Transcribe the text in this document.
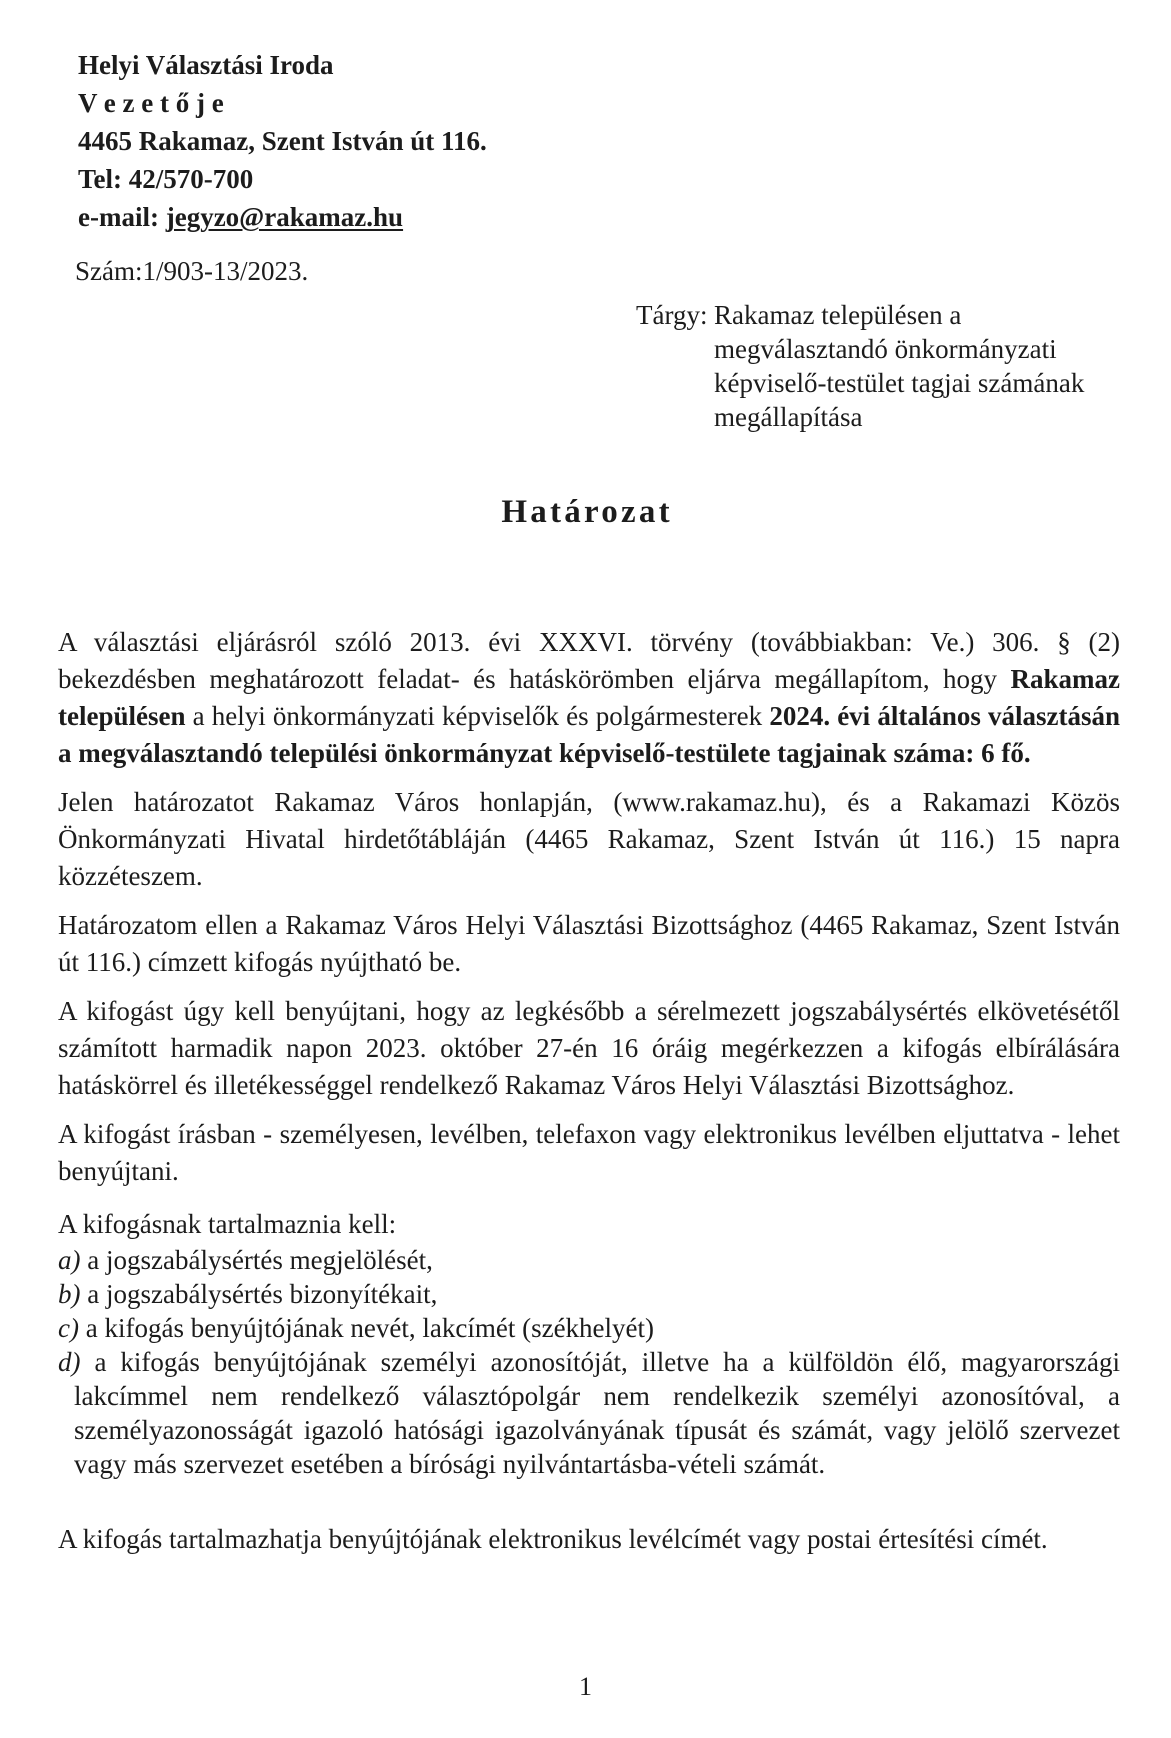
Helyi Választási Iroda
V e z e t ő j e
4465 Rakamaz, Szent István út 116.
Tel: 42/570-700
e-mail: jegyzo@rakamaz.hu
Szám:1/903-13/2023.
Tárgy:Rakamaz településen a
megválasztandó önkormányzati
képviselő-testület tagjai számának
megállapítása
H a t á r o z a t

A választási eljárásról szóló 2013. évi XXXVI. törvény (továbbiakban: Ve.) 306. § (2) bekezdésben meghatározott feladat- és hatáskörömben eljárva megállapítom, hogy Rakamaz településen a helyi önkormányzati képviselők és polgármesterek 2024. évi általános választásán a megválasztandó települési önkormányzat képviselő-testülete tagjainak száma: 6 fő.

Jelen határozatot Rakamaz Város honlapján, (www.rakamaz.hu), és a Rakamazi Közös Önkormányzati Hivatal hirdetőtábláján (4465 Rakamaz, Szent István út 116.) 15 napra közzéteszem.

Határozatom ellen a Rakamaz Város Helyi Választási Bizottsághoz (4465 Rakamaz, Szent István út 116.) címzett kifogás nyújtható be.

A kifogást úgy kell benyújtani, hogy az legkésőbb a sérelmezett jogszabálysértés elkövetésétől számított harmadik napon 2023. október 27-én 16 óráig megérkezzen a kifogás elbírálására hatáskörrel és illetékességgel rendelkező Rakamaz Város Helyi Választási Bizottsághoz.

A kifogást írásban - személyesen, levélben, telefaxon vagy elektronikus levélben eljuttatva - lehet benyújtani.

A kifogásnak tartalmaznia kell:

a) a jogszabálysértés megjelölését,

b) a jogszabálysértés bizonyítékait,

c) a kifogás benyújtójának nevét, lakcímét (székhelyét)

d) a kifogás benyújtójának személyi azonosítóját, illetve ha a külföldön élő, magyarországi lakcímmel nem rendelkező választópolgár nem rendelkezik személyi azonosítóval, a személyazonosságát igazoló hatósági igazolványának típusát és számát, vagy jelölő szervezet vagy más szervezet esetében a bírósági nyilvántartásba-vételi számát.

A kifogás tartalmazhatja benyújtójának elektronikus levélcímét vagy postai értesítési címét.

1
